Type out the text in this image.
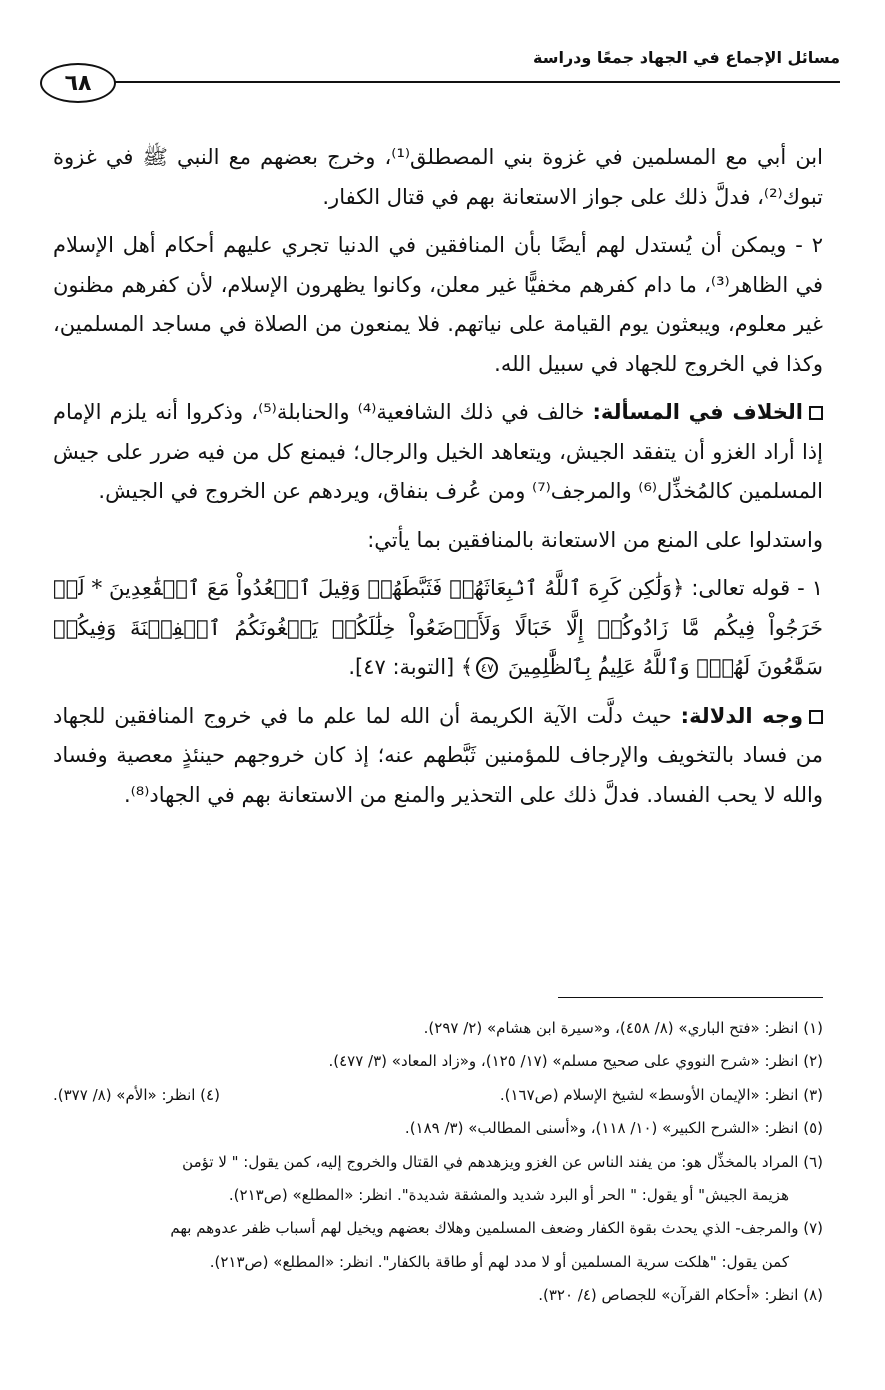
مسائل الإجماع في الجهاد جمعًا ودراسة
٦٨

ابن أبي مع المسلمين في غزوة بني المصطلق⁽¹⁾، وخرج بعضهم مع النبي ﷺ في غزوة تبوك⁽²⁾، فدلَّ ذلك على جواز الاستعانة بهم في قتال الكفار.

٢ - ويمكن أن يُستدل لهم أيضًا بأن المنافقين في الدنيا تجري عليهم أحكام أهل الإسلام في الظاهر⁽³⁾، ما دام كفرهم مخفيًّا غير معلن، وكانوا يظهرون الإسلام، لأن كفرهم مظنون غير معلوم، ويبعثون يوم القيامة على نياتهم. فلا يمنعون من الصلاة في مساجد المسلمين، وكذا في الخروج للجهاد في سبيل الله.

الخلاف في المسألة: خالف في ذلك الشافعية⁽⁴⁾ والحنابلة⁽⁵⁾، وذكروا أنه يلزم الإمام إذا أراد الغزو أن يتفقد الجيش، ويتعاهد الخيل والرجال؛ فيمنع كل من فيه ضرر على جيش المسلمين كالمُخذِّل⁽⁶⁾ والمرجف⁽⁷⁾ ومن عُرف بنفاق، ويردهم عن الخروج في الجيش.

واستدلوا على المنع من الاستعانة بالمنافقين بما يأتي:

١ - قوله تعالى: ﴿وَلَٰكِن كَرِهَ ٱللَّهُ ٱنۢبِعَاثَهُمۡ فَثَبَّطَهُمۡ وَقِيلَ ٱقۡعُدُواْ مَعَ ٱلۡقَٰعِدِينَ * لَوۡ خَرَجُواْ فِيكُم مَّا زَادُوكُمۡ إِلَّا خَبَالًا وَلَأَوۡضَعُواْ خِلَٰلَكُمۡ يَبۡغُونَكُمُ ٱلۡفِتۡنَةَ وَفِيكُمۡ سَمَّٰعُونَ لَهُمۡۗ وَٱللَّهُ عَلِيمُۢ بِٱلظَّٰلِمِينَ ٤٧﴾ [التوبة: ٤٧].

وجه الدلالة: حيث دلَّت الآية الكريمة أن الله لما علم ما في خروج المنافقين للجهاد من فساد بالتخويف والإرجاف للمؤمنين ثَبَّطهم عنه؛ إذ كان خروجهم حينئذٍ معصية وفساد والله لا يحب الفساد. فدلَّ ذلك على التحذير والمنع من الاستعانة بهم في الجهاد⁽⁸⁾.

(١) انظر: «فتح الباري» (٨/ ٤٥٨)، و«سيرة ابن هشام» (٢/ ٢٩٧).

(٢) انظر: «شرح النووي على صحيح مسلم» (١٧/ ١٢٥)، و«زاد المعاد» (٣/ ٤٧٧).

(٣) انظر: «الإيمان الأوسط» لشيخ الإسلام (ص١٦٧).
(٤) انظر: «الأم» (٨/ ٣٧٧).

(٥) انظر: «الشرح الكبير» (١٠/ ١١٨)، و«أسنى المطالب» (٣/ ١٨٩).

(٦) المراد بالمخذِّل هو: من يفند الناس عن الغزو ويزهدهم في القتال والخروج إليه، كمن يقول: " لا تؤمن

هزيمة الجيش" أو يقول: " الحر أو البرد شديد والمشقة شديدة". انظر: «المطلع» (ص٢١٣).

(٧) والمرجف- الذي يحدث بقوة الكفار وضعف المسلمين وهلاك بعضهم ويخيل لهم أسباب ظفر عدوهم بهم

كمن يقول: "هلكت سرية المسلمين أو لا مدد لهم أو طاقة بالكفار". انظر: «المطلع» (ص٢١٣).

(٨) انظر: «أحكام القرآن» للجصاص (٤/ ٣٢٠).
